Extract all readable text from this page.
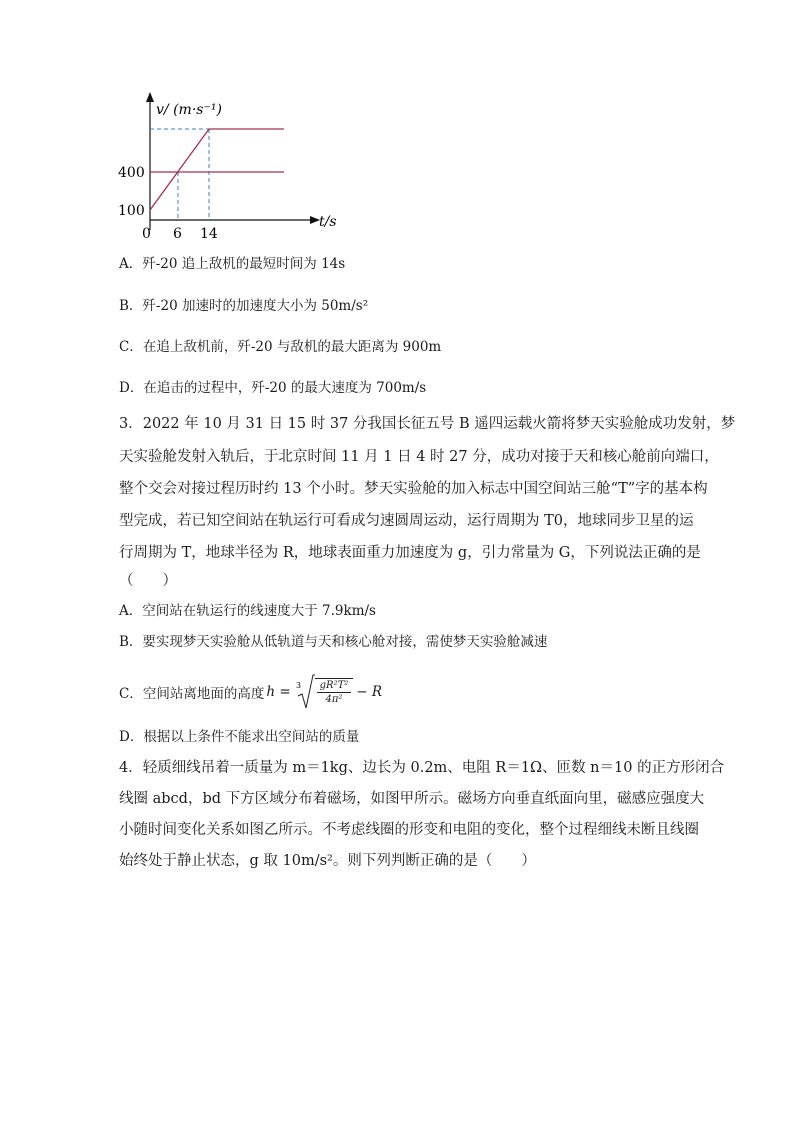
v/ (m·s⁻¹)
t/s
400
100
0 6 14
A．歼-20 追上敌机的最短时间为 14s
B．歼-20 加速时的加速度大小为 50m/s²
C．在追上敌机前，歼-20 与敌机的最大距离为 900m
D．在追击的过程中，歼-20 的最大速度为 700m/s
3．2022 年 10 月 31 日 15 时 37 分我国长征五号 B 遥四运载火箭将梦天实验舱成功发射，梦
天实验舱发射入轨后，于北京时间 11 月 1 日 4 时 27 分，成功对接于天和核心舱前向端口，
整个交会对接过程历时约 13 个小时。梦天实验舱的加入标志中国空间站三舱“T”字的基本构
型完成，若已知空间站在轨运行可看成匀速圆周运动，运行周期为 T0，地球同步卫星的运
行周期为 T，地球半径为 R，地球表面重力加速度为 g，引力常量为 G，下列说法正确的是
（　　）
A．空间站在轨运行的线速度大于 7.9km/s
B．要实现梦天实验舱从低轨道与天和核心舱对接，需使梦天实验舱减速
C．空间站离地面的高度 $h = 3 \frac{\text{gR²T²}}{\text{4π²}} - R$
D．根据以上条件不能求出空间站的质量
4．轻质细线吊着一质量为 m＝1kg、边长为 0.2m、电阻 R＝1Ω、匝数 n＝10 的正方形闭合
线圈 abcd，bd 下方区域分布着磁场，如图甲所示。磁场方向垂直纸面向里，磁感应强度大
小随时间变化关系如图乙所示。不考虑线圈的形变和电阻的变化，整个过程细线未断且线圈
始终处于静止状态，g 取 10m/s²。则下列判断正确的是（　　）
